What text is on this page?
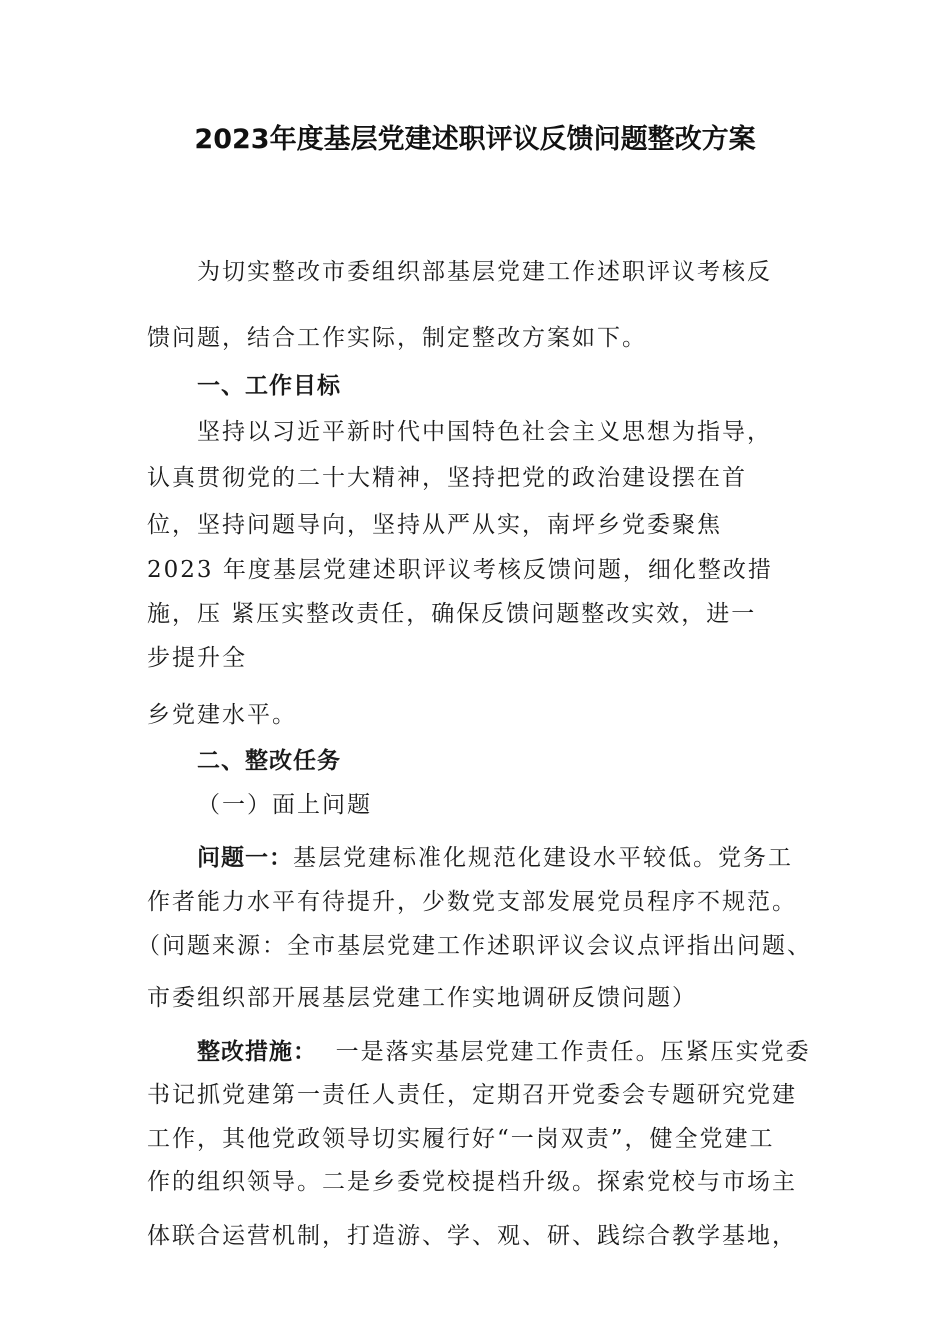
2023年度基层党建述职评议反馈问题整改方案
为切实整改市委组织部基层党建工作述职评议考核反
馈问题，结合工作实际，制定整改方案如下。
一、工作目标
坚持以习近平新时代中国特色社会主义思想为指导，
认真贯彻党的二十大精神，坚持把党的政治建设摆在首
位，坚持问题导向，坚持从严从实，南坪乡党委聚焦
2023 年度基层党建述职评议考核反馈问题，细化整改措
施，压 紧压实整改责任，确保反馈问题整改实效，进一
步提升全
乡党建水平。
二、整改任务
（一）面上问题
问题一：基层党建标准化规范化建设水平较低。党务工
作者能力水平有待提升，少数党支部发展党员程序不规范。
（问题来源：全市基层党建工作述职评议会议点评指出问题、
市委组织部开展基层党建工作实地调研反馈问题）
整改措施：  一是落实基层党建工作责任。压紧压实党委
书记抓党建第一责任人责任，定期召开党委会专题研究党建
工作，其他党政领导切实履行好“一岗双责”，健全党建工
作的组织领导。二是乡委党校提档升级。探索党校与市场主
体联合运营机制，打造游、学、观、研、践综合教学基地，
